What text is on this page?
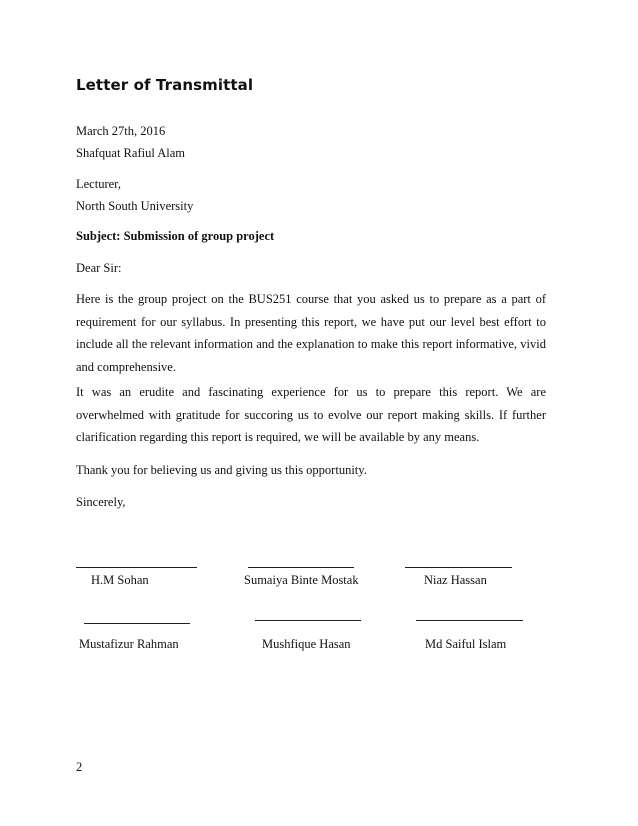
Letter of Transmittal
March 27th, 2016
Shafquat Rafiul Alam
Lecturer,
North South University
Subject: Submission of group project
Dear Sir:
Here is the group project on the BUS251 course that you asked us to prepare as a part of requirement for our syllabus. In presenting this report, we have put our level best effort to include all the relevant information and the explanation to make this report informative, vivid and comprehensive.
It was an erudite and fascinating experience for us to prepare this report. We are overwhelmed with gratitude for succoring us to evolve our report making skills. If further clarification regarding this report is required, we will be available by any means.
Thank you for believing us and giving us this opportunity.
Sincerely,
H.M Sohan	Sumaiya Binte Mostak	Niaz Hassan
Mustafizur Rahman	Mushfique Hasan	Md Saiful Islam
2
